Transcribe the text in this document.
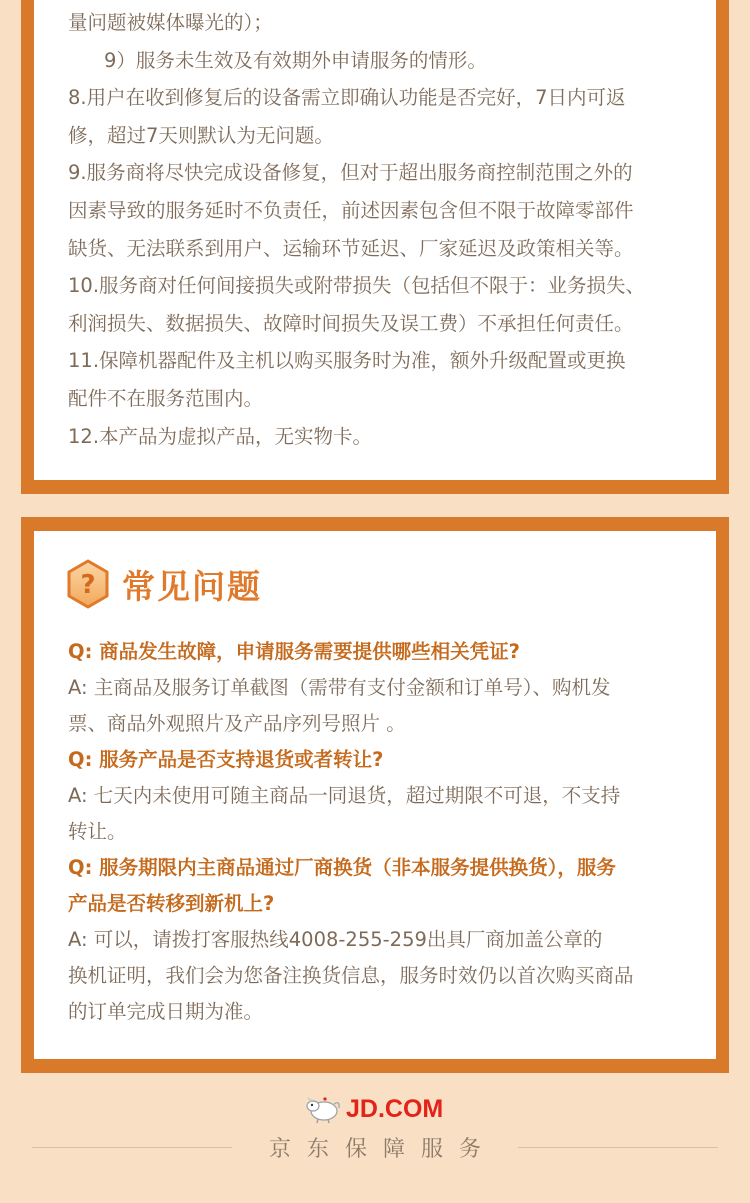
量问题被媒体曝光的）；

9）服务未生效及有效期外申请服务的情形。

8.用户在收到修复后的设备需立即确认功能是否完好，7日内可返

修，超过7天则默认为无问题。

9.服务商将尽快完成设备修复，但对于超出服务商控制范围之外的

因素导致的服务延时不负责任，前述因素包含但不限于故障零部件

缺货、无法联系到用户、运输环节延迟、厂家延迟及政策相关等。

10.服务商对任何间接损失或附带损失（包括但不限于：业务损失、

利润损失、数据损失、故障时间损失及误工费）不承担任何责任。

11.保障机器配件及主机以购买服务时为准，额外升级配置或更换

配件不在服务范围内。

12.本产品为虚拟产品，无实物卡。

? 常见问题

Q: 商品发生故障，申请服务需要提供哪些相关凭证?

A: 主商品及服务订单截图（需带有支付金额和订单号）、购机发

票、商品外观照片及产品序列号照片 。

Q: 服务产品是否支持退货或者转让?

A: 七天内未使用可随主商品一同退货，超过期限不可退，不支持

转让。

Q: 服务期限内主商品通过厂商换货（非本服务提供换货），服务

产品是否转移到新机上?

A: 可以，请拨打客服热线4008-255-259出具厂商加盖公章的

换机证明，我们会为您备注换货信息，服务时效仍以首次购买商品

的订单完成日期为准。

JD.COM
京东保障服务
